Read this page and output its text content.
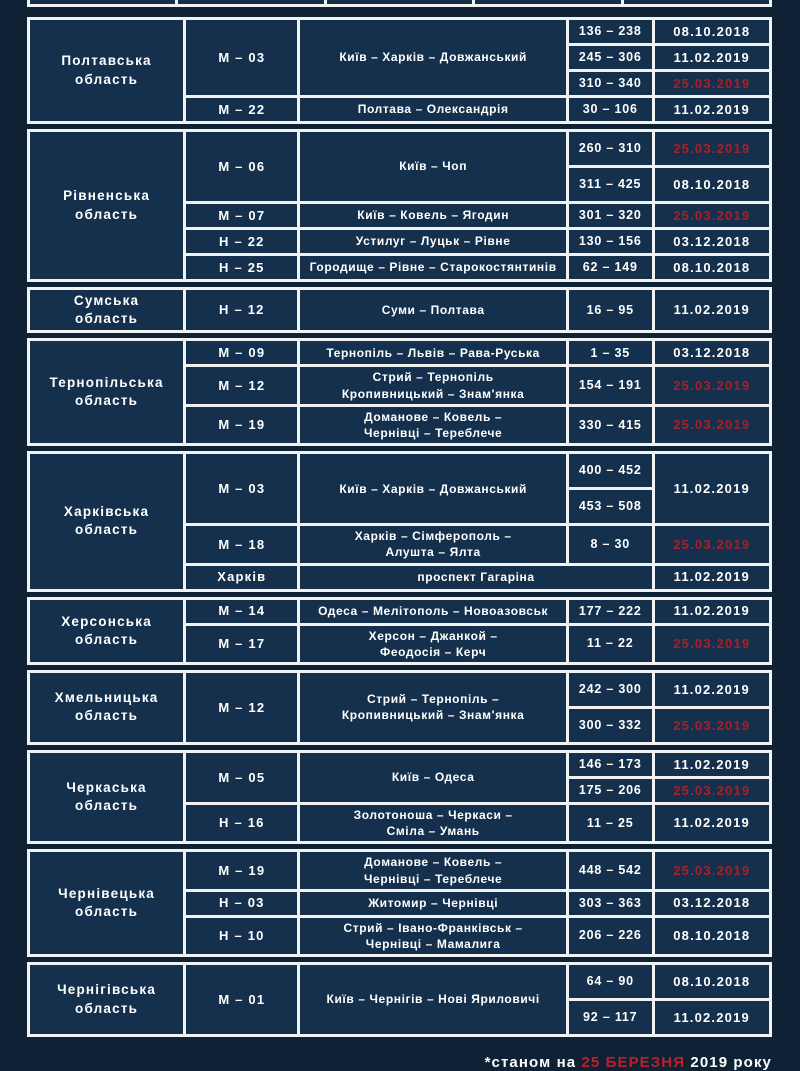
Полтавська
область	М – 03	Київ – Харків – Довжанський	136 – 238	08.10.2018
			245 – 306	11.02.2019
			310 – 340	25.03.2019
	М – 22	Полтава – Олександрія	30 – 106	11.02.2019
Рівненська
область	М – 06	Київ – Чоп	260 – 310	25.03.2019
			311 – 425	08.10.2018
	М – 07	Київ – Ковель – Ягодин	301 – 320	25.03.2019
	Н – 22	Устилуг – Луцьк – Рівне	130 – 156	03.12.2018
	Н – 25	Городище – Рівне – Старокостянтинів	62 – 149	08.10.2018
Сумська
область	Н – 12	Суми – Полтава	16 – 95	11.02.2019
Тернопільська
область	М – 09	Тернопіль – Львів – Рава-Руська	1 – 35	03.12.2018
	М – 12	Стрий – Тернопіль
Кропивницький – Знам'янка	154 – 191	25.03.2019
	М – 19	Доманове – Ковель –
Чернівці – Тереблече	330 – 415	25.03.2019
Харківська
область	М – 03	Київ – Харків – Довжанський	400 – 452	11.02.2019
			453 – 508	
	М – 18	Харків – Сімферополь –
Алушта – Ялта	8 – 30	25.03.2019
	Харків	проспект Гагаріна		11.02.2019
Херсонська
область	М – 14	Одеса – Мелітополь – Новоазовськ	177 – 222	11.02.2019
	М – 17	Херсон – Джанкой –
Феодосія – Керч	11 – 22	25.03.2019
Хмельницька
область	М – 12	Стрий – Тернопіль –
Кропивницький – Знам'янка	242 – 300	11.02.2019
			300 – 332	25.03.2019
Черкаська
область	М – 05	Київ – Одеса	146 – 173	11.02.2019
			175 – 206	25.03.2019
	Н – 16	Золотоноша – Черкаси –
Сміла – Умань	11 – 25	11.02.2019
Чернівецька
область	М – 19	Доманове – Ковель –
Чернівці – Тереблече	448 – 542	25.03.2019
	Н – 03	Житомир – Чернівці	303 – 363	03.12.2018
	Н – 10	Стрий – Івано-Франківськ –
Чернівці – Мамалига	206 – 226	08.10.2018
Чернігівська
область	М – 01	Київ – Чернігів – Нові Яриловичі	64 – 90	08.10.2018
			92 – 117	11.02.2019
*станом на 25 БЕРЕЗНЯ 2019 року
